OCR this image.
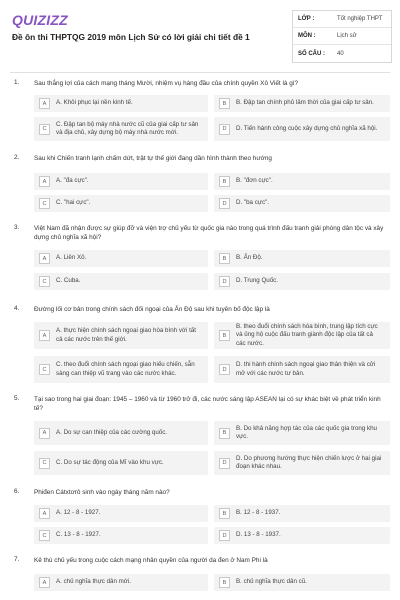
QUIZIZZ
Đề ôn thi THPTQG 2019 môn Lịch Sử có lời giải chi tiết đề 1
LỚP :	Tốt nghiệp THPT
MÔN :	Lịch sử
SỐ CÂU :	40
1. Sau thắng lợi của cách mạng tháng Mười, nhiệm vụ hàng đầu của chính quyền Xô Viết là gì?
A	A. Khôi phục lại nền kinh tế.	B	B. Đập tan chính phủ lâm thời của giai cấp tư sản.
C
C. Đập tan bộ máy nhà nước cũ của giai cấp tư sản và địa chủ, xây dựng bộ máy nhà nước mới.	D	D. Tiến hành công cuộc xây dựng chủ nghĩa xã hội.
2. Sau khi Chiến tranh lạnh chấm dứt, trật tự thế giới đang dần hình thành theo hướng
A	A. "đa cực".	B	B. "đơn cực".
C	C. "hai cực".	D	D. "ba cực".
3. Việt Nam đã nhận được sự giúp đỡ và viện trợ chủ yếu từ quốc gia nào trong quá trình đấu tranh giải phóng dân tộc và xây dựng chủ nghĩa xã hội?
A	A. Liên Xô.	B	B. Ấn Độ.
C	C. Cuba.	D	D. Trung Quốc.
4. Đường lối cơ bản trong chính sách đối ngoại của Ấn Độ sau khi tuyên bố độc lập là
A
A. thực hiện chính sách ngoại giao hòa bình với tất cả các nước trên thế giới.	B
B. theo đuổi chính sách hòa bình, trung lập tích cực và ủng hộ cuộc đấu tranh giành độc lập của tất cả các nước.
C
C. theo đuổi chính sách ngoại giao hiếu chiến, sẵn sàng can thiệp vũ trang vào các nước khác.	D
D. thi hành chính sách ngoại giao thân thiện và cởi mở với các nước tư bản.
5. Tại sao trong hai giai đoạn: 1945 – 1960 và từ 1960 trở đi, các nước sáng lập ASEAN lại có sự khác biệt về phát triển kinh tế?
A	A. Do sự can thiệp của các cường quốc.	B
B. Do khả năng hợp tác của các quốc gia trong khu vực.
C	C. Do sự tác động của Mĩ vào khu vực.	D
D. Do phương hướng thực hiện chiến lược ở hai giai đoạn khác nhau.
6. Phiđen Cátxtơrô sinh vào ngày tháng năm nào?
A	A. 12 - 8 - 1927.	B	B. 12 - 8 - 1937.
C	C. 13 - 8 - 1927.	D	D. 13 - 8 - 1937.
7. Kẻ thù chủ yếu trong cuộc cách mạng nhân quyền của người da đen ở Nam Phi là
A	A. chủ nghĩa thực dân mới.	B	B. chủ nghĩa thực dân cũ.
